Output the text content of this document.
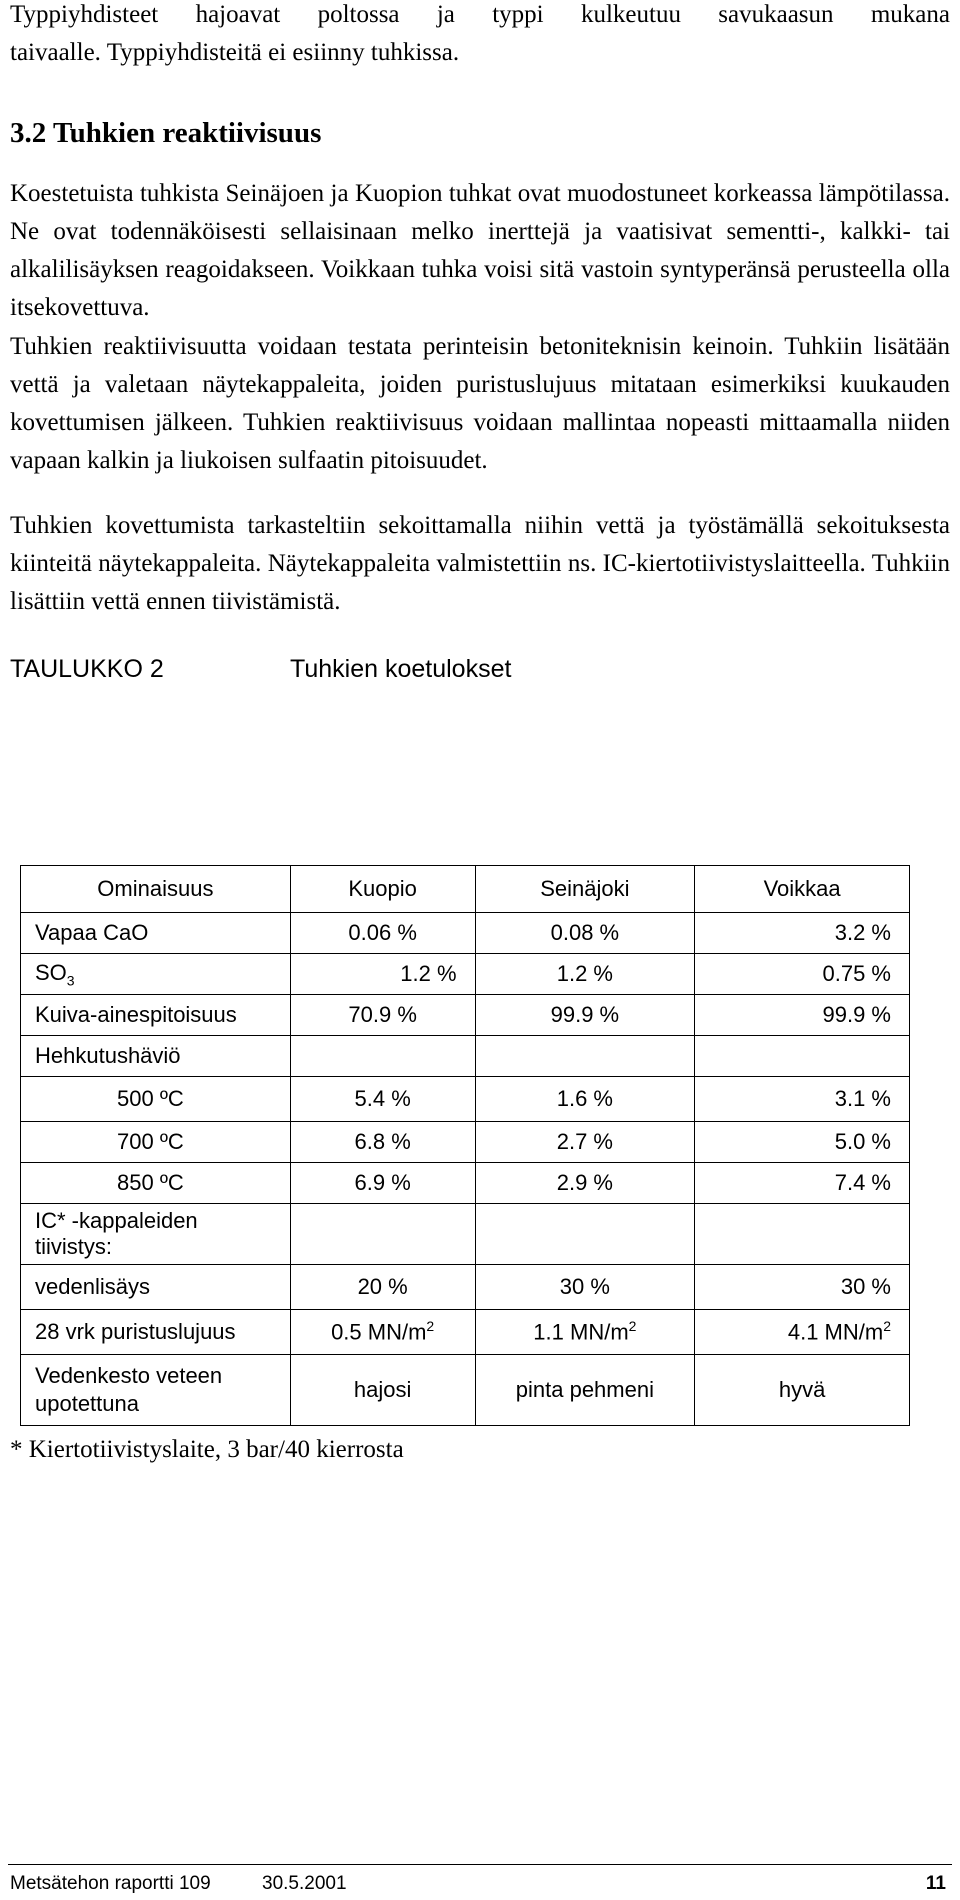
Typpiyhdisteet hajoavat poltossa ja typpi kulkeutuu savukaasun mukana

taivaalle. Typpiyhdisteitä ei esiinny tuhkissa.

3.2 Tuhkien reaktiivisuus

Koestetuista tuhkista Seinäjoen ja Kuopion tuhkat ovat muodostuneet korkeassa lämpötilassa. Ne ovat todennäköisesti sellaisinaan melko inerttejä ja vaatisivat sementti-, kalkki- tai alkalilisäyksen reagoidakseen. Voikkaan tuhka voisi sitä vastoin syntyperänsä perusteella olla itsekovettuva.

Tuhkien reaktiivisuutta voidaan testata perinteisin betoniteknisin keinoin. Tuhkiin lisätään vettä ja valetaan näytekappaleita, joiden puristuslujuus mitataan esimerkiksi kuukauden kovettumisen jälkeen. Tuhkien reaktiivisuus voidaan mallintaa nopeasti mittaamalla niiden vapaan kalkin ja liukoisen sulfaatin pitoisuudet.

Tuhkien kovettumista tarkasteltiin sekoittamalla niihin vettä ja työstämällä sekoituksesta kiinteitä näytekappaleita. Näytekappaleita valmistettiin ns. IC-kiertotiivistyslaitteella. Tuhkiin lisättiin vettä ennen tiivistämistä.

TAULUKKO 2	Tuhkien koetulokset
Ominaisuus	Kuopio	Seinäjoki	Voikkaa
Vapaa CaO	0.06 %	0.08 %	3.2 %
$SO_3$	1.2 %	1.2 %	0.75 %
Kuiva-ainespitoisuus	70.9 %	99.9 %	99.9 %
Hehkutushäviö			
500 ºC	5.4 %	1.6 %	3.1 %
700 ºC	6.8 %	2.7 %	5.0 %
850 ºC	6.9 %	2.9 %	7.4 %
IC* -kappaleiden
tiivistys:			
vedenlisäys	20 %	30 %	30 %
28 vrk puristuslujuus	0.5 $MN/m^2$	1.1 $MN/m^2$	4.1 $MN/m^2$
Vedenkesto veteen
upotettuna	hajosi	pinta pehmeni	hyvä
* Kiertotiivistyslaite, 3 bar/40 kierrosta
Metsätehon raportti 109	30.5.2001	11
